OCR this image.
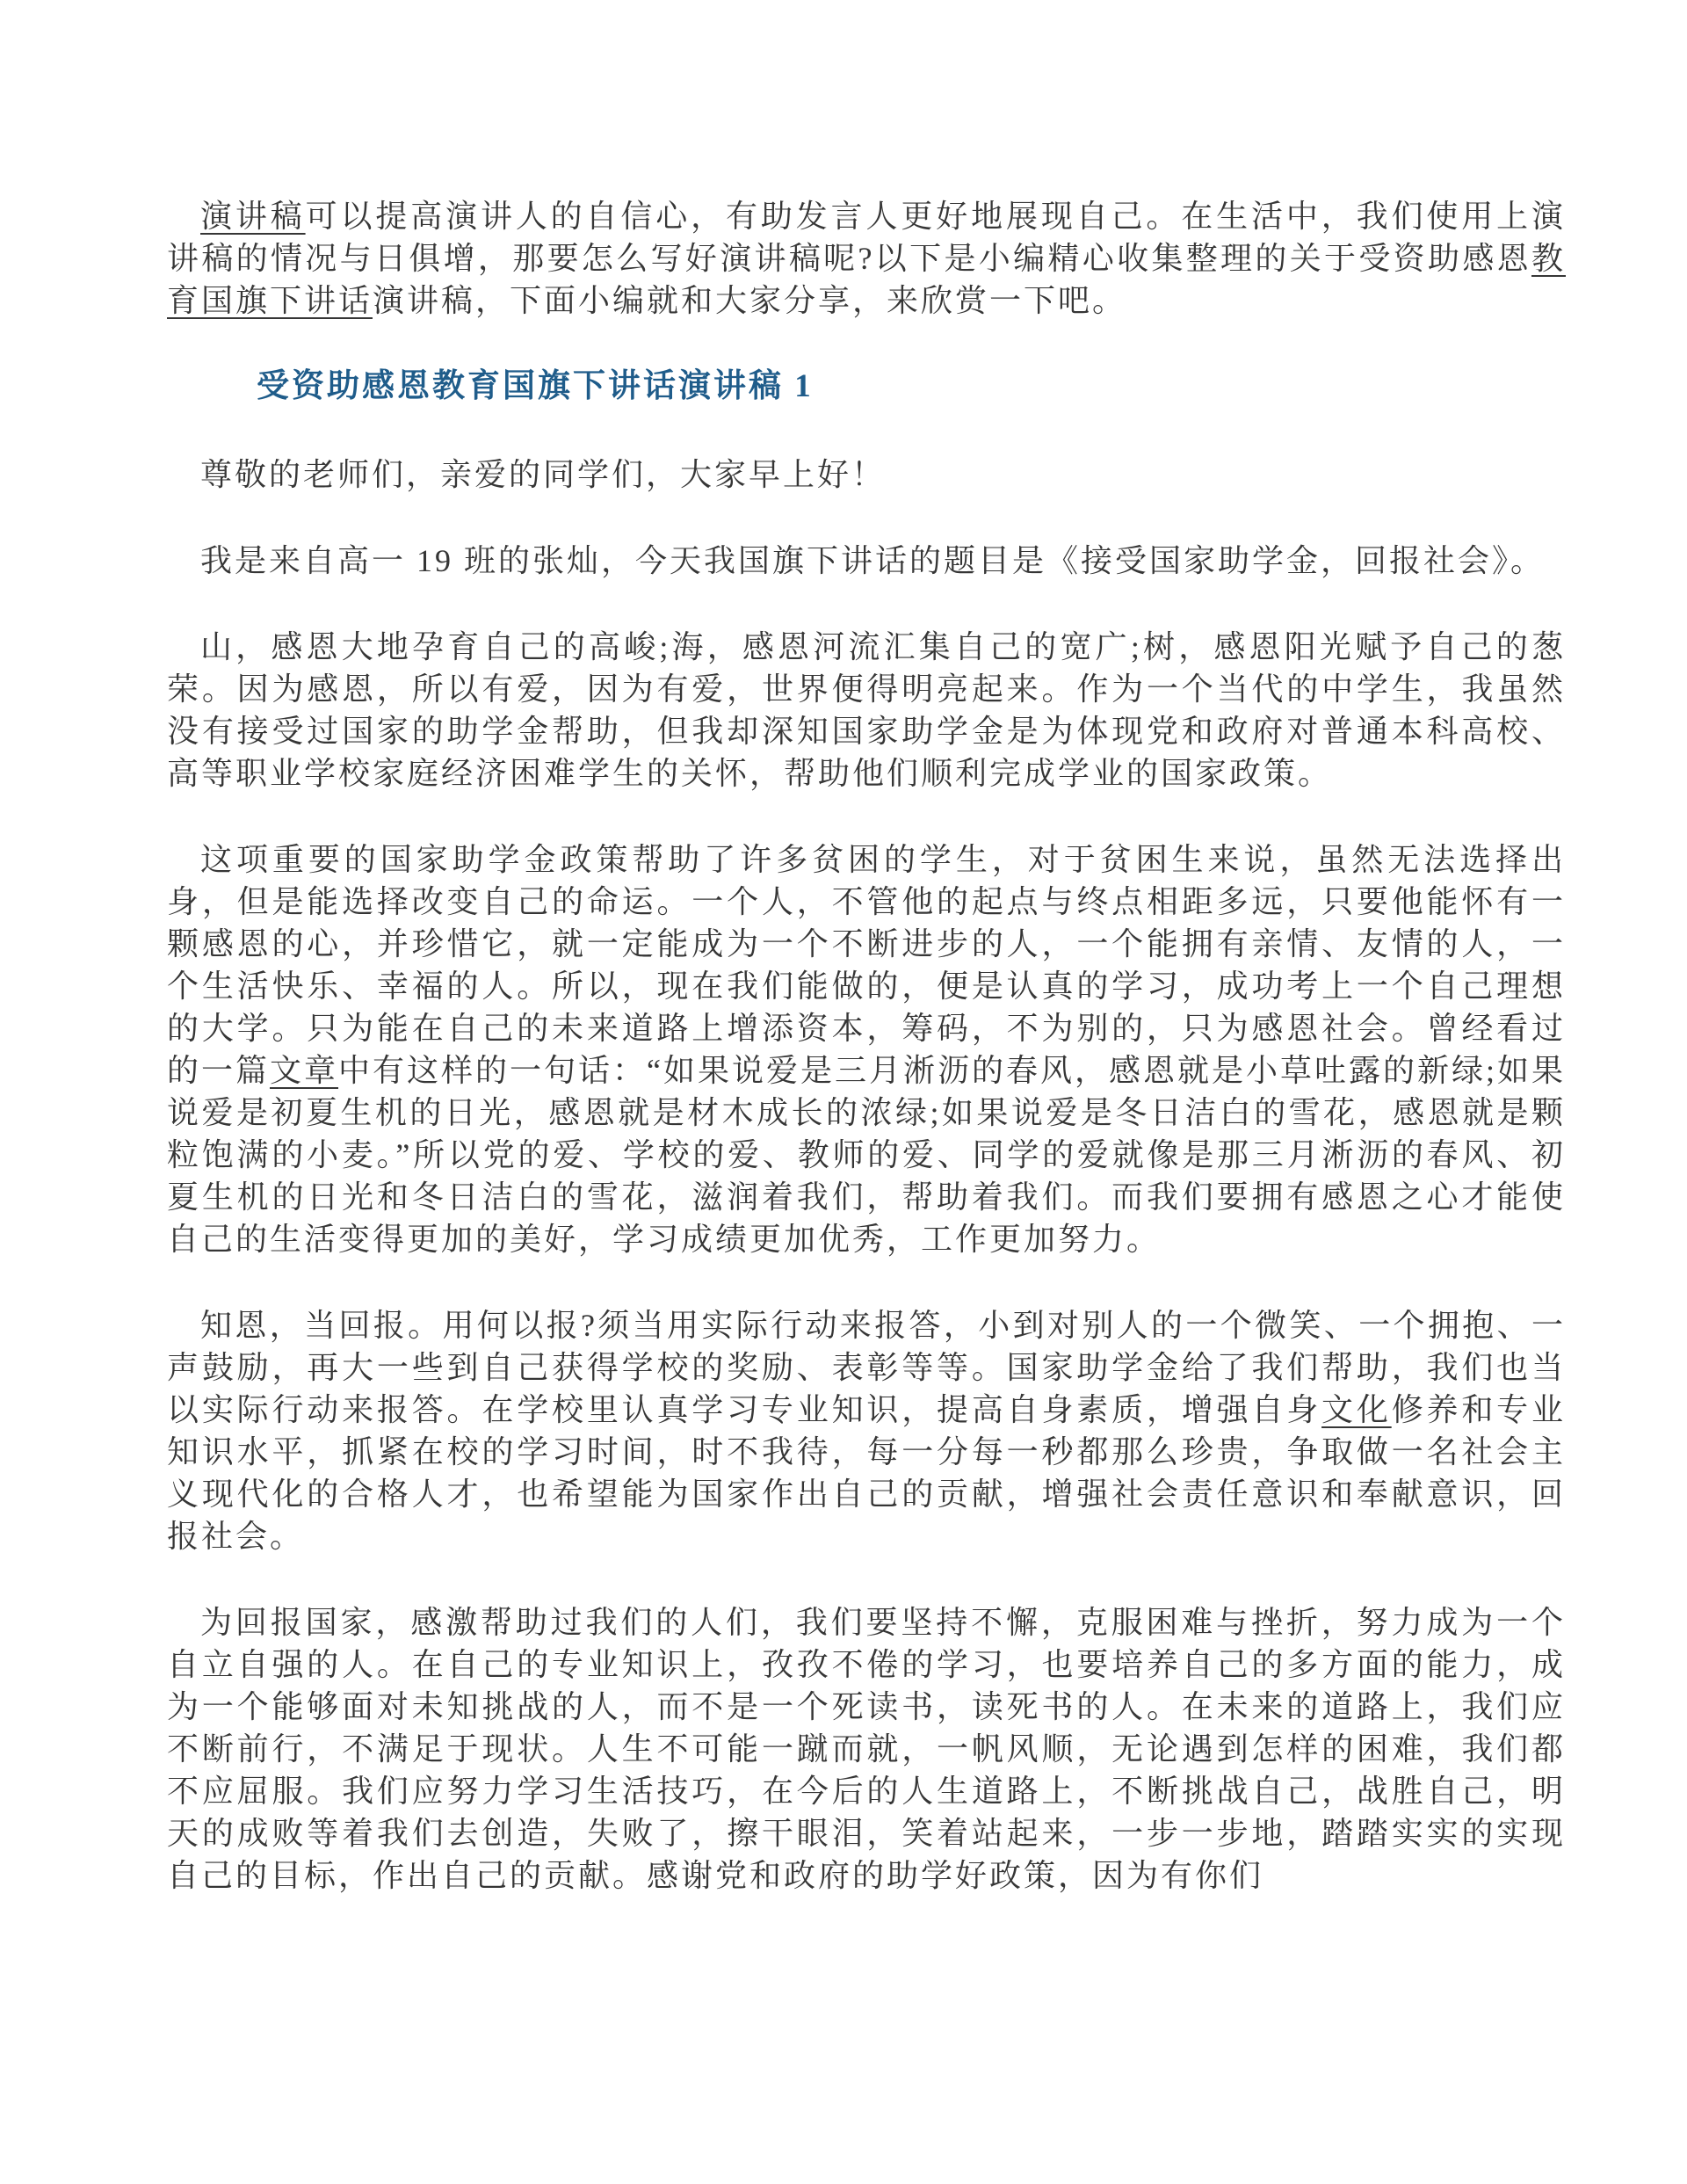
演讲稿可以提高演讲人的自信心，有助发言人更好地展现自己。在生活中，我们使用上演讲稿的情况与日俱增，那要怎么写好演讲稿呢?以下是小编精心收集整理的关于受资助感恩教育国旗下讲话演讲稿，下面小编就和大家分享，来欣赏一下吧。

受资助感恩教育国旗下讲话演讲稿 1

尊敬的老师们，亲爱的同学们，大家早上好！

我是来自高一 19 班的张灿，今天我国旗下讲话的题目是《接受国家助学金，回报社会》。

山，感恩大地孕育自己的高峻;海，感恩河流汇集自己的宽广;树，感恩阳光赋予自己的葱荣。因为感恩，所以有爱，因为有爱，世界便得明亮起来。作为一个当代的中学生，我虽然没有接受过国家的助学金帮助，但我却深知国家助学金是为体现党和政府对普通本科高校、高等职业学校家庭经济困难学生的关怀，帮助他们顺利完成学业的国家政策。

这项重要的国家助学金政策帮助了许多贫困的学生，对于贫困生来说，虽然无法选择出身，但是能选择改变自己的命运。一个人，不管他的起点与终点相距多远，只要他能怀有一颗感恩的心，并珍惜它，就一定能成为一个不断进步的人，一个能拥有亲情、友情的人，一个生活快乐、幸福的人。所以，现在我们能做的，便是认真的学习，成功考上一个自己理想的大学。只为能在自己的未来道路上增添资本，筹码，不为别的，只为感恩社会。曾经看过的一篇文章中有这样的一句话：“如果说爱是三月淅沥的春风，感恩就是小草吐露的新绿;如果说爱是初夏生机的日光，感恩就是材木成长的浓绿;如果说爱是冬日洁白的雪花，感恩就是颗粒饱满的小麦。”所以党的爱、学校的爱、教师的爱、同学的爱就像是那三月淅沥的春风、初夏生机的日光和冬日洁白的雪花，滋润着我们，帮助着我们。而我们要拥有感恩之心才能使自己的生活变得更加的美好，学习成绩更加优秀，工作更加努力。

知恩，当回报。用何以报?须当用实际行动来报答，小到对别人的一个微笑、一个拥抱、一声鼓励，再大一些到自己获得学校的奖励、表彰等等。国家助学金给了我们帮助，我们也当以实际行动来报答。在学校里认真学习专业知识，提高自身素质，增强自身文化修养和专业知识水平，抓紧在校的学习时间，时不我待，每一分每一秒都那么珍贵，争取做一名社会主义现代化的合格人才，也希望能为国家作出自己的贡献，增强社会责任意识和奉献意识，回报社会。

为回报国家，感激帮助过我们的人们，我们要坚持不懈，克服困难与挫折，努力成为一个自立自强的人。在自己的专业知识上，孜孜不倦的学习，也要培养自己的多方面的能力，成为一个能够面对未知挑战的人，而不是一个死读书，读死书的人。在未来的道路上，我们应不断前行，不满足于现状。人生不可能一蹴而就，一帆风顺，无论遇到怎样的困难，我们都不应屈服。我们应努力学习生活技巧，在今后的人生道路上，不断挑战自己，战胜自己，明天的成败等着我们去创造，失败了，擦干眼泪，笑着站起来，一步一步地，踏踏实实的实现自己的目标，作出自己的贡献。感谢党和政府的助学好政策，因为有你们
